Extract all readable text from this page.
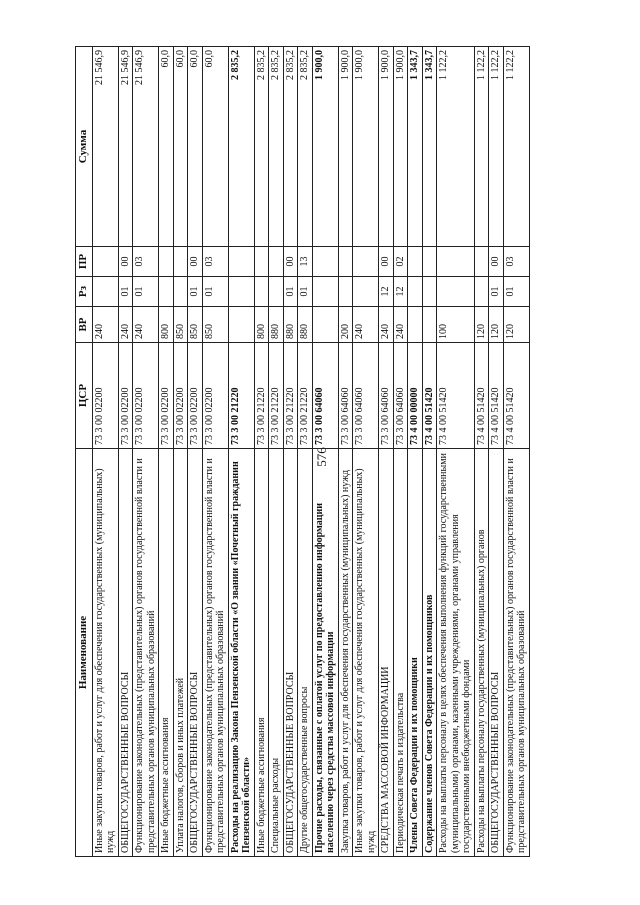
576
Наименование	ЦСР	ВР	Рз	ПР	Сумма
Иные закупки товаров, работ и услуг для обеспечения государственных (муниципальных) нужд	73 3 00 02200	240			21 546,9
ОБЩЕГОСУДАРСТВЕННЫЕ ВОПРОСЫ	73 3 00 02200	240	01	00	21 546,9
Функционирование законодательных (представительных) органов государственной власти и представительных органов муниципальных образований	73 3 00 02200	240	01	03	21 546,9
Иные бюджетные ассигнования	73 3 00 02200	800			60,0
Уплата налогов, сборов и иных платежей	73 3 00 02200	850			60,0
ОБЩЕГОСУДАРСТВЕННЫЕ ВОПРОСЫ	73 3 00 02200	850	01	00	60,0
Функционирование законодательных (представительных) органов государственной власти и представительных органов муниципальных образований	73 3 00 02200	850	01	03	60,0
Расходы на реализацию Закона Пензенской области «О звании «Почетный гражданин Пензенской области»	73 3 00 21220				2 835,2
Иные бюджетные ассигнования	73 3 00 21220	800			2 835,2
Специальные расходы	73 3 00 21220	880			2 835,2
ОБЩЕГОСУДАРСТВЕННЫЕ ВОПРОСЫ	73 3 00 21220	880	01	00	2 835,2
Другие общегосударственные вопросы	73 3 00 21220	880	01	13	2 835,2
Прочие расходы, связанные с оплатой услуг по предоставлению информации населению через средства массовой информации	73 3 00 64060				1 900,0
Закупка товаров, работ и услуг для обеспечения государственных (муниципальных) нужд	73 3 00 64060	200			1 900,0
Иные закупки товаров, работ и услуг для обеспечения государственных (муниципальных) нужд	73 3 00 64060	240			1 900,0
СРЕДСТВА МАССОВОЙ ИНФОРМАЦИИ	73 3 00 64060	240	12	00	1 900,0
Периодическая печать и издательства	73 3 00 64060	240	12	02	1 900,0
Члены Совета Федерации и их помощники	73 4 00 00000				1 343,7
Содержание членов Совета Федерации и их помощников	73 4 00 51420				1 343,7
Расходы на выплаты персоналу в целях обеспечения выполнения функций государственными (муниципальными) органами, казенными учреждениями, органами управления государственными внебюджетными фондами	73 4 00 51420	100			1 122,2
Расходы на выплаты персоналу государственных (муниципальных) органов	73 4 00 51420	120			1 122,2
ОБЩЕГОСУДАРСТВЕННЫЕ ВОПРОСЫ	73 4 00 51420	120	01	00	1 122,2
Функционирование законодательных (представительных) органов государственной власти и представительных органов муниципальных образований	73 4 00 51420	120	01	03	1 122,2
